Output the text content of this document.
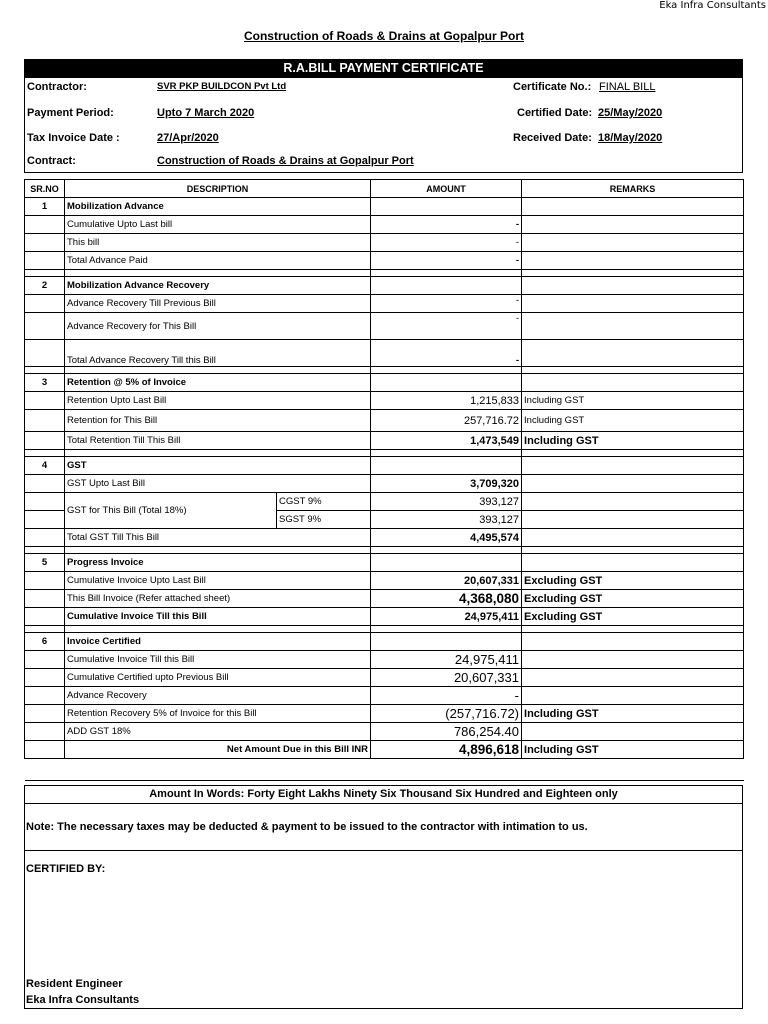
Eka Infra Consultants
Construction of Roads & Drains at Gopalpur Port
R.A.BILL PAYMENT CERTIFICATE
Contractor:	SVR PKP BUILDCON Pvt Ltd	Certificate No.: FINAL BILL
Payment Period:	Upto 7 March 2020	Certified Date: 25/May/2020
Tax Invoice Date :	27/Apr/2020	Received Date: 18/May/2020
Contract:	Construction of Roads & Drains at Gopalpur Port
SR.NO	DESCRIPTION		AMOUNT	REMARKS
1	Mobilization Advance			
	Cumulative Upto Last bill		-	
	This bill		-	
	Total Advance Paid		-	

2	Mobilization Advance Recovery			
	Advance Recovery Till Previous Bill		-	
	Advance Recovery for This Bill		-	
	Total Advance Recovery Till this Bill		-	

3	Retention @ 5% of Invoice			
	Retention Upto Last Bill		1,215,833	Including GST
	Retention for This Bill		257,716.72	Including GST
	Total Retention Till This Bill		1,473,549	Including GST

4	GST			
	GST Upto Last Bill		3,709,320	
	GST for This Bill (Total 18%)	CGST 9%	393,127	
		SGST 9%	393,127	
	Total GST Till This Bill		4,495,574	

5	Progress Invoice			
	Cumulative Invoice Upto Last Bill		20,607,331	Excluding GST
	This Bill Invoice (Refer attached sheet)		4,368,080	Excluding GST
	Cumulative Invoice Till this Bill		24,975,411	Excluding GST

6	Invoice Certified			
	Cumulative Invoice Till this Bill		24,975,411	
	Cumulative Certified upto Previous Bill		20,607,331	
	Advance Recovery		-	
	Retention Recovery 5% of Invoice for this Bill		(257,716.72)	Including GST
	ADD GST 18%		786,254.40	
	Net Amount Due in this Bill INR		4,896,618	Including GST

Amount In Words: Forty Eight Lakhs Ninety Six Thousand Six Hundred and Eighteen only
Note: The necessary taxes may be deducted & payment to be issued to the contractor with intimation to us.
CERTIFIED BY:
Resident Engineer
Eka Infra Consultants
